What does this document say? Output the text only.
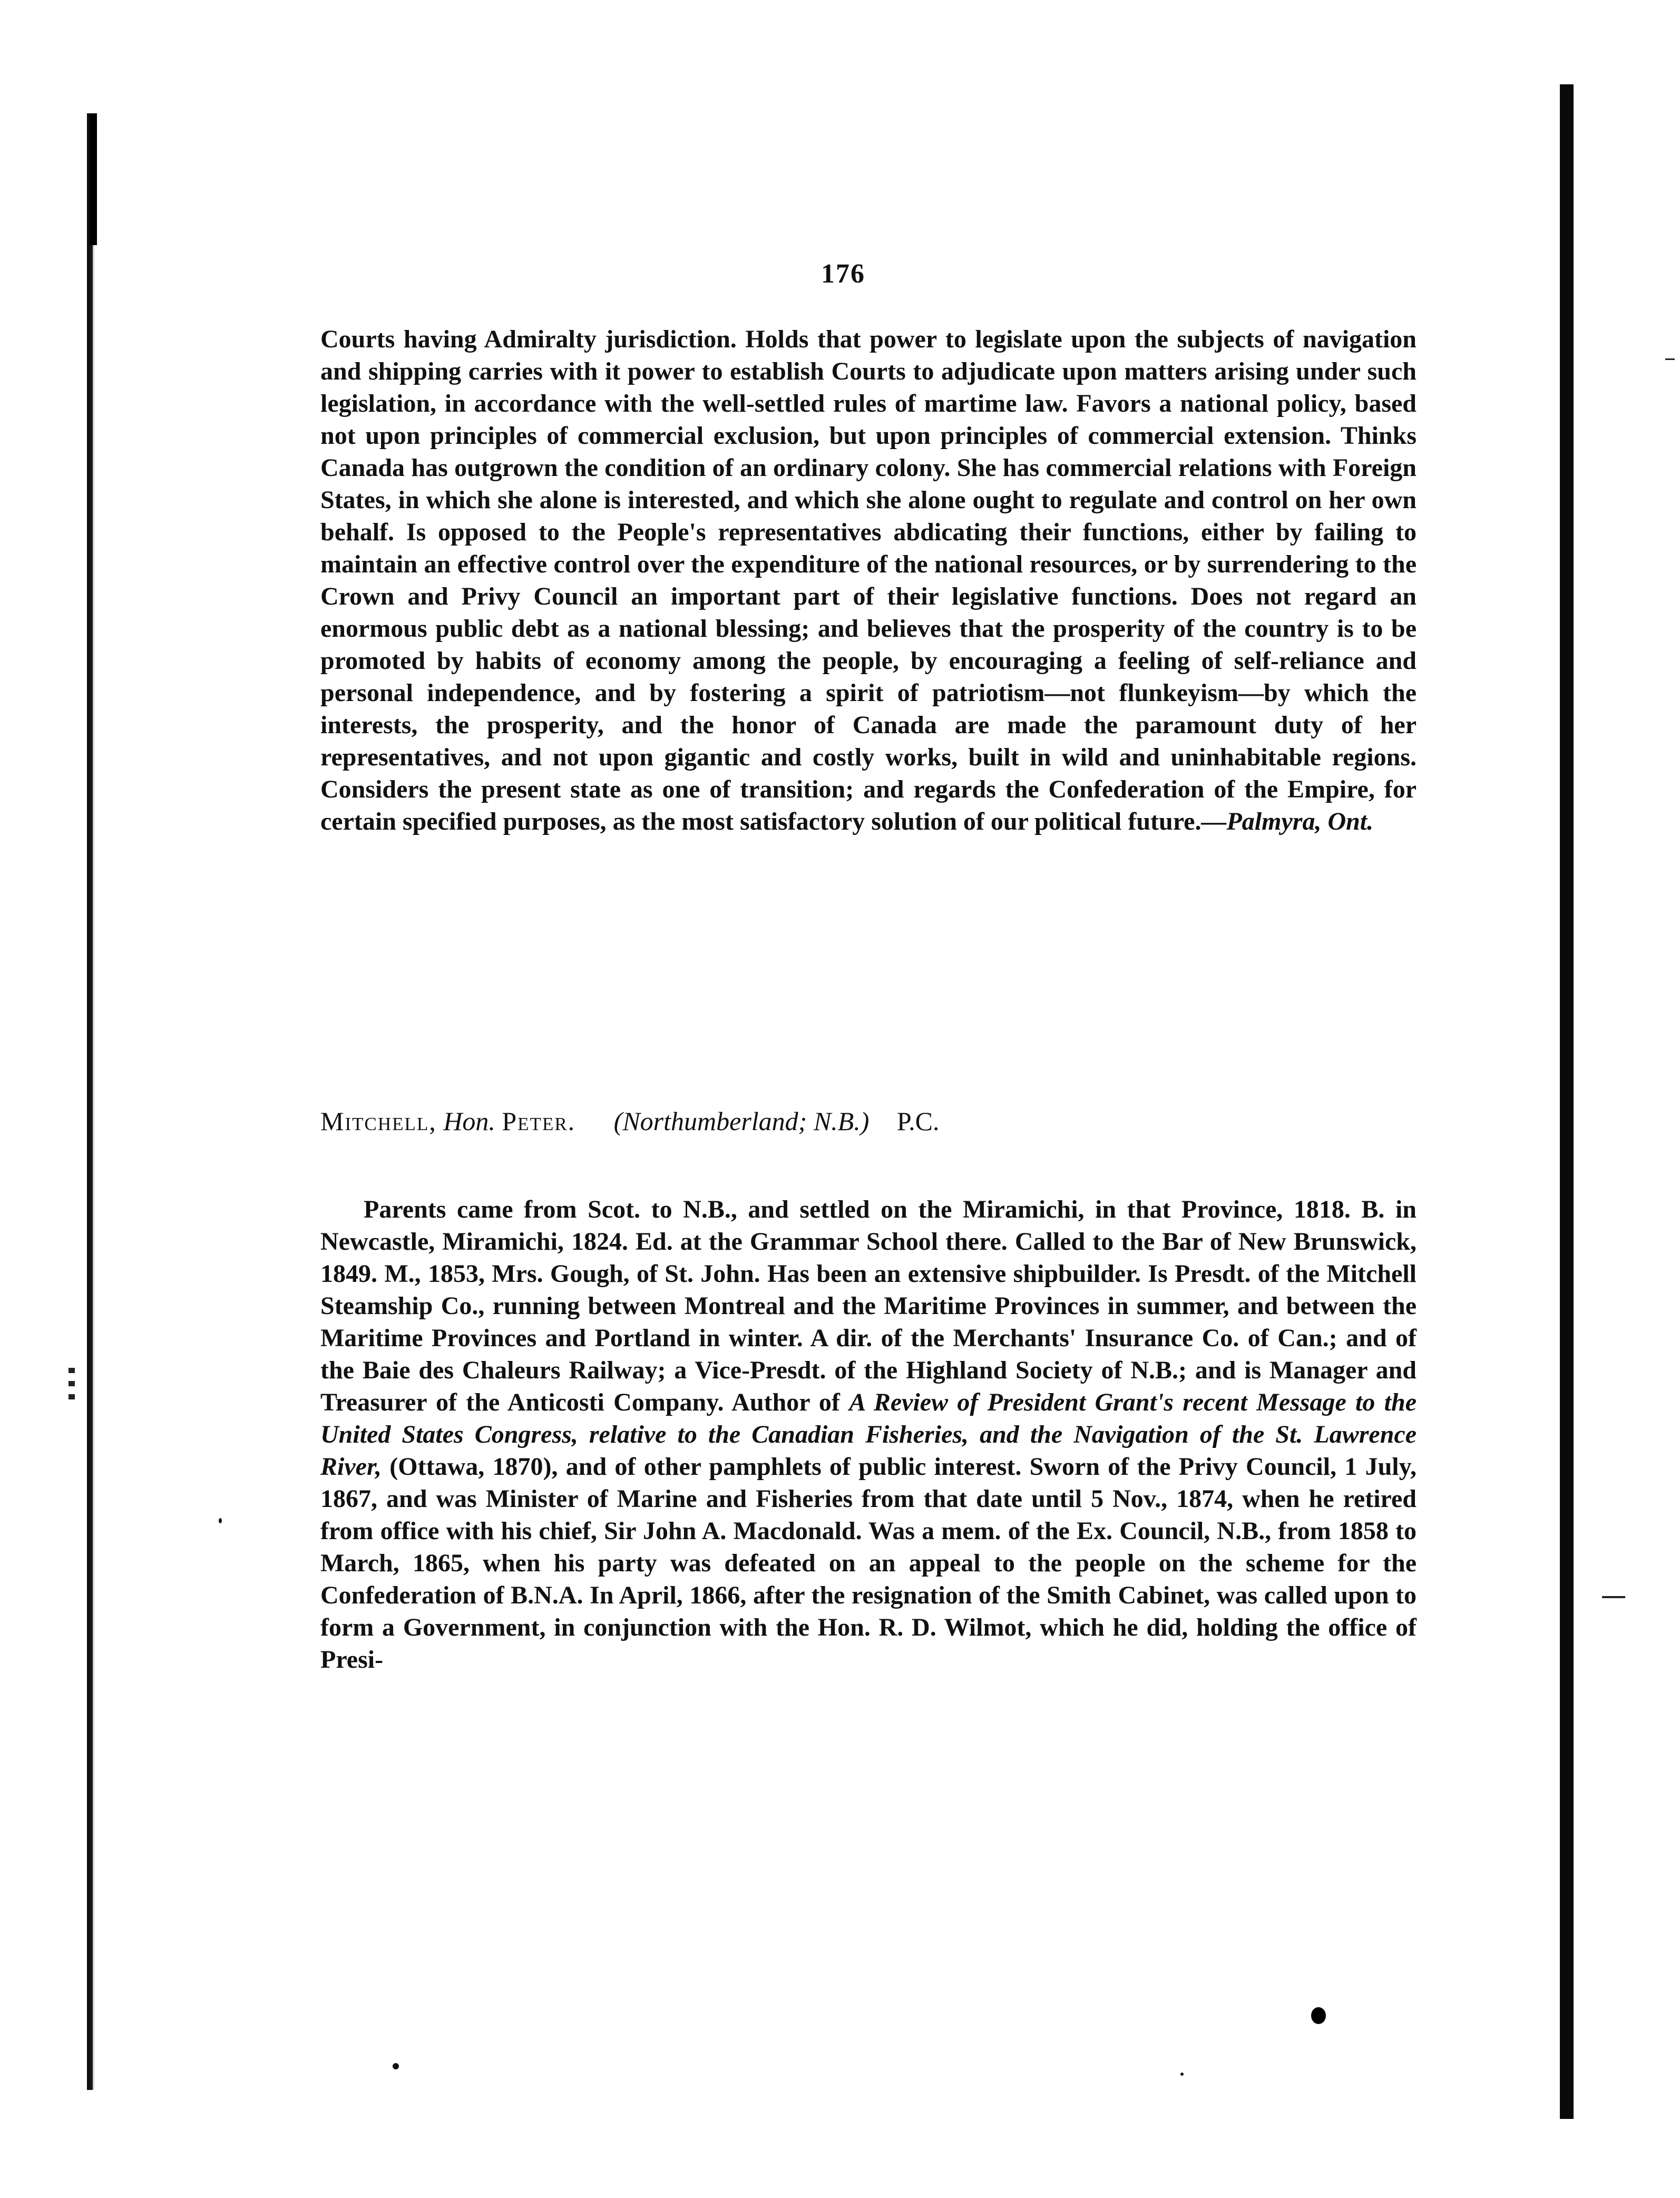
176
Courts having Admiralty jurisdiction. Holds that power to legislate upon the subjects of navigation and shipping carries with it power to establish Courts to adjudicate upon matters arising under such legislation, in accordance with the well-settled rules of martime law. Favors a national policy, based not upon principles of commercial exclusion, but upon principles of commercial extension. Thinks Canada has outgrown the condition of an ordinary colony. She has commercial relations with Foreign States, in which she alone is interested, and which she alone ought to regulate and control on her own behalf. Is opposed to the People's representatives abdicating their functions, either by failing to maintain an effective control over the expenditure of the national resources, or by surrendering to the Crown and Privy Council an important part of their legislative functions. Does not regard an enormous public debt as a national blessing; and believes that the prosperity of the country is to be promoted by habits of economy among the people, by encouraging a feeling of self-reliance and personal independence, and by fostering a spirit of patriotism—not flunkeyism—by which the interests, the prosperity, and the honor of Canada are made the paramount duty of her representatives, and not upon gigantic and costly works, built in wild and uninhabitable regions. Considers the present state as one of transition; and regards the Confederation of the Empire, for certain specified purposes, as the most satisfactory solution of our political future.—Palmyra, Ont.
Mitchell, Hon. Peter. (Northumberland; N.B.) P.C.
Parents came from Scot. to N.B., and settled on the Miramichi, in that Province, 1818. B. in Newcastle, Miramichi, 1824. Ed. at the Grammar School there. Called to the Bar of New Brunswick, 1849. M., 1853, Mrs. Gough, of St. John. Has been an extensive shipbuilder. Is Presdt. of the Mitchell Steamship Co., running between Montreal and the Maritime Provinces in summer, and between the Maritime Provinces and Portland in winter. A dir. of the Merchants' Insurance Co. of Can.; and of the Baie des Chaleurs Railway; a Vice-Presdt. of the Highland Society of N.B.; and is Manager and Treasurer of the Anticosti Company. Author of A Review of President Grant's recent Message to the United States Congress, relative to the Canadian Fisheries, and the Navigation of the St. Lawrence River, (Ottawa, 1870), and of other pamphlets of public interest. Sworn of the Privy Council, 1 July, 1867, and was Minister of Marine and Fisheries from that date until 5 Nov., 1874, when he retired from office with his chief, Sir John A. Macdonald. Was a mem. of the Ex. Council, N.B., from 1858 to March, 1865, when his party was defeated on an appeal to the people on the scheme for the Confederation of B.N.A. In April, 1866, after the resignation of the Smith Cabinet, was called upon to form a Government, in conjunction with the Hon. R. D. Wilmot, which he did, holding the office of Presi-
